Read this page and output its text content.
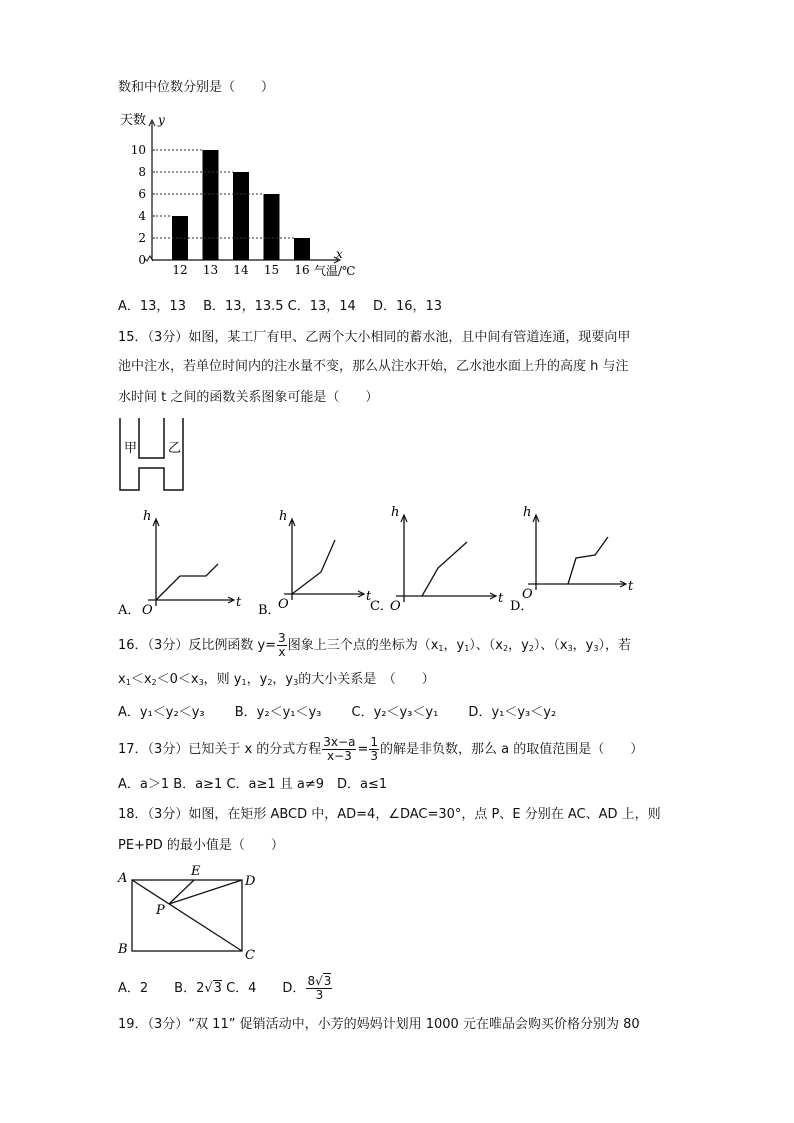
数和中位数分别是（　　）
天数 y
x
气温/℃
10
8
6
4
2
0
12 13 14 15 16
A．13，13　 B．13，13.5 C．13，14　 D．16，13
15．（3分）如图，某工厂有甲、乙两个大小相同的蓄水池，且中间有管道连通，现要向甲
池中注水，若单位时间内的注水量不变，那么从注水开始，乙水池水面上升的高度 h 与注
水时间 t 之间的函数关系图象可能是（　　）
甲 乙
A．
h
t
O	B．
h
t
O	C．
h
t
O	D．
h
t
O
16．（3分）反比例函数 $y= \frac{3}{x}$ 图象上三个点的坐标为（$x_1$，$y_1$）、（$x_2$，$y_2$）、（$x_3$，$y_3$），若
$x_1<x_2<0<x_3$，则 $y_1$，$y_2$，$y_3$的大小关系是　（　　）
A．y₁＜y₂＜y₃　　 B．y₂＜y₁＜y₃　　 C．y₂＜y₃＜y₁　　 D．y₁＜y₃＜y₂
17．（3分）已知关于 x 的分式方程 $\frac{3x-a}{x-3} = \frac{1}{3}$ 的解是非负数，那么 a 的取值范围是（　　）
A．a＞1 B．a≥1 C．a≥1 且 a≠9　D．a≤1
18．（3分）如图，在矩形 ABCD 中，AD=4，∠DAC=30°，点 P、E 分别在 AC、AD 上，则
PE+PD 的最小值是（　　）
A
B	C
D
E
P
A．2　　B．2√3 C．4　　D． $\frac{8√3}{3}$
19．（3分）“双 11” 促销活动中，小芳的妈妈计划用 1000 元在唯品会购买价格分别为 80
